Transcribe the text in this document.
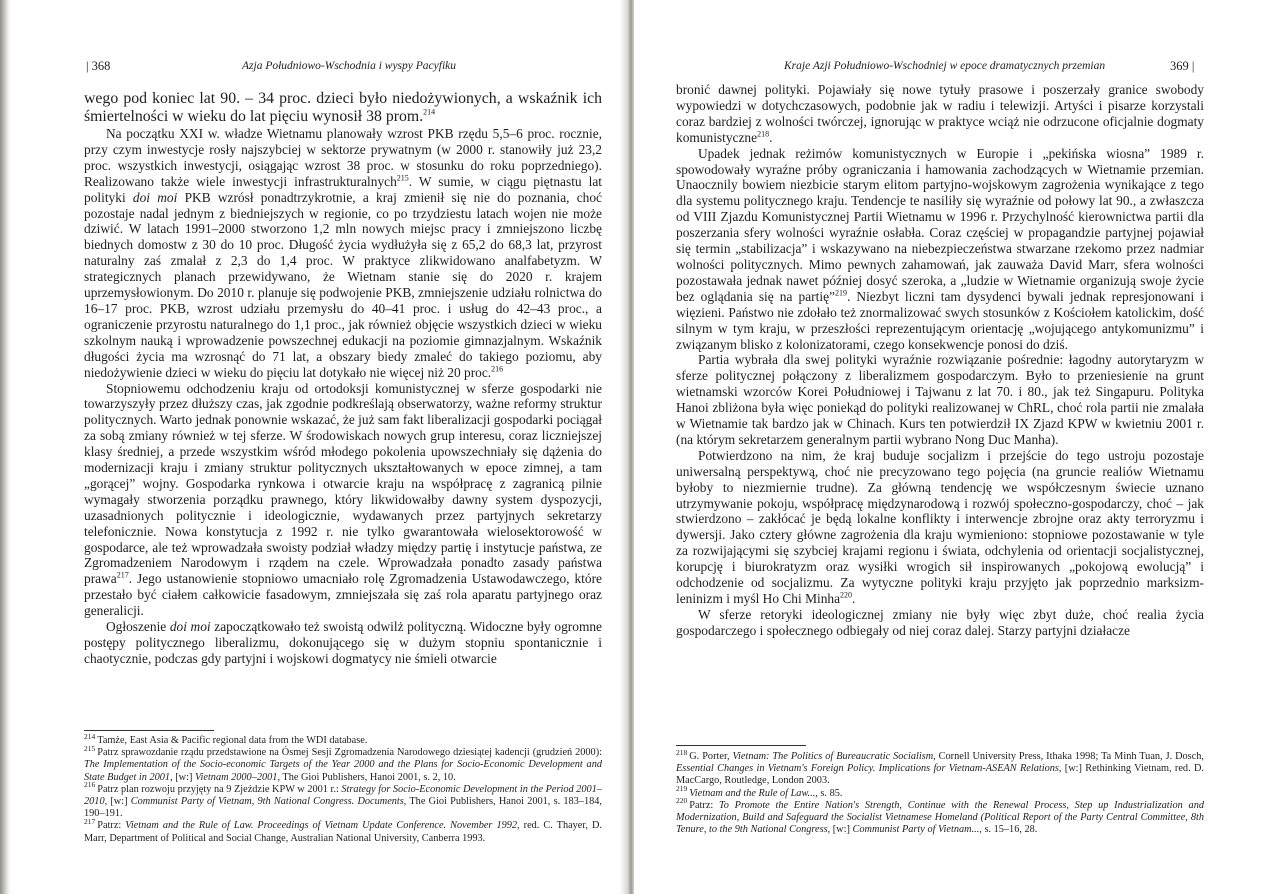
| 368	Azja Południowo-Wschodnia i wyspy Pacyfiku

wego pod koniec lat 90. – 34 proc. dzieci było niedożywionych, a wskaźnik ich śmiertelności w wieku do lat pięciu wynosił 38 prom.$^{214}$

Na początku XXI w. władze Wietnamu planowały wzrost PKB rzędu 5,5–6 proc. rocznie, przy czym inwestycje rosły najszybciej w sektorze prywatnym (w 2000 r. stanowiły już 23,2 proc. wszystkich inwestycji, osiągając wzrost 38 proc. w stosunku do roku poprzedniego). Realizowano także wiele inwestycji infrastrukturalnych$^{215}$. W sumie, w ciągu piętnastu lat polityki doi moi PKB wzrósł ponadtrzykrotnie, a kraj zmienił się nie do poznania, choć pozostaje nadal jednym z biedniejszych w regionie, co po trzydziestu latach wojen nie może dziwić. W latach 1991–2000 stworzono 1,2 mln nowych miejsc pracy i zmniejszono liczbę biednych domostw z 30 do 10 proc. Długość życia wydłużyła się z 65,2 do 68,3 lat, przyrost naturalny zaś zmalał z 2,3 do 1,4 proc. W praktyce zlikwidowano analfabetyzm. W strategicznych planach przewidywano, że Wietnam stanie się do 2020 r. krajem uprzemysłowionym. Do 2010 r. planuje się podwojenie PKB, zmniejszenie udziału rolnictwa do 16–17 proc. PKB, wzrost udziału przemysłu do 40–41 proc. i usług do 42–43 proc., a ograniczenie przyrostu naturalnego do 1,1 proc., jak również objęcie wszystkich dzieci w wieku szkolnym nauką i wprowadzenie powszechnej edukacji na poziomie gimnazjalnym. Wskaźnik długości życia ma wzrosnąć do 71 lat, a obszary biedy zmaleć do takiego poziomu, aby niedożywienie dzieci w wieku do pięciu lat dotykało nie więcej niż 20 proc.$^{216}$

Stopniowemu odchodzeniu kraju od ortodoksji komunistycznej w sferze gospodarki nie towarzyszyły przez dłuższy czas, jak zgodnie podkreślają obserwatorzy, ważne reformy struktur politycznych. Warto jednak ponownie wskazać, że już sam fakt liberalizacji gospodarki pociągał za sobą zmiany również w tej sferze. W środowiskach nowych grup interesu, coraz liczniejszej klasy średniej, a przede wszystkim wśród młodego pokolenia upowszechniały się dążenia do modernizacji kraju i zmiany struktur politycznych ukształtowanych w epoce zimnej, a tam „gorącej” wojny. Gospodarka rynkowa i otwarcie kraju na współpracę z zagranicą pilnie wymagały stworzenia porządku prawnego, który likwidowałby dawny system dyspozycji, uzasadnionych politycznie i ideologicznie, wydawanych przez partyjnych sekretarzy telefonicznie. Nowa konstytucja z 1992 r. nie tylko gwarantowała wielosektorowość w gospodarce, ale też wprowadzała swoisty podział władzy między partię i instytucje państwa, ze Zgromadzeniem Narodowym i rządem na czele. Wprowadzała ponadto zasady państwa prawa$^{217}$. Jego ustanowienie stopniowo umacniało rolę Zgromadzenia Ustawodawczego, które przestało być ciałem całkowicie fasadowym, zmniejszała się zaś rola aparatu partyjnego oraz generalicji.

Ogłoszenie doi moi zapoczątkowało też swoistą odwilż polityczną. Widoczne były ogromne postępy politycznego liberalizmu, dokonującego się w dużym stopniu spontanicznie i chaotycznie, podczas gdy partyjni i wojskowi dogmatycy nie śmieli otwarcie

$^{214}$ Tamże, East Asia & Pacific regional data from the WDI database.

$^{215}$ Patrz sprawozdanie rządu przedstawione na Ósmej Sesji Zgromadzenia Narodowego dziesiątej kadencji (grudzień 2000): The Implementation of the Socio-economic Targets of the Year 2000 and the Plans for Socio-Economic Development and State Budget in 2001, [w:] Vietnam 2000–2001, The Gioi Publishers, Hanoi 2001, s. 2, 10.

$^{216}$ Patrz plan rozwoju przyjęty na 9 Zjeździe KPW w 2001 r.: Strategy for Socio-Economic Development in the Period 2001–2010, [w:] Communist Party of Vietnam, 9th National Congress. Documents, The Gioi Publishers, Hanoi 2001, s. 183–184, 190–191.

$^{217}$ Patrz: Vietnam and the Rule of Law. Proceedings of Vietnam Update Conference. November 1992, red. C. Thayer, D. Marr, Department of Political and Social Change, Australian National University, Canberra 1993.

Kraje Azji Południowo-Wschodniej w epoce dramatycznych przemian	369 |

bronić dawnej polityki. Pojawiały się nowe tytuły prasowe i poszerzały granice swobody wypowiedzi w dotychczasowych, podobnie jak w radiu i telewizji. Artyści i pisarze korzystali coraz bardziej z wolności twórczej, ignorując w praktyce wciąż nie odrzucone oficjalnie dogmaty komunistyczne$^{218}$.

Upadek jednak reżimów komunistycznych w Europie i „pekińska wiosna” 1989 r. spowodowały wyraźne próby ograniczania i hamowania zachodzących w Wietnamie przemian. Unaocznily bowiem niezbicie starym elitom partyjno-wojskowym zagrożenia wynikające z tego dla systemu politycznego kraju. Tendencje te nasiliły się wyraźnie od połowy lat 90., a zwłaszcza od VIII Zjazdu Komunistycznej Partii Wietnamu w 1996 r. Przychylność kierownictwa partii dla poszerzania sfery wolności wyraźnie osłabła. Coraz częściej w propagandzie partyjnej pojawiał się termin „stabilizacja” i wskazywano na niebezpieczeństwa stwarzane rzekomo przez nadmiar wolności politycznych. Mimo pewnych zahamowań, jak zauważa David Marr, sfera wolności pozostawała jednak nawet później dosyć szeroka, a „ludzie w Wietnamie organizują swoje życie bez oglądania się na partię”$^{219}$. Niezbyt liczni tam dysydenci bywali jednak represjonowani i więzieni. Państwo nie zdołało też znormalizować swych stosunków z Kościołem katolickim, dość silnym w tym kraju, w przeszłości reprezentującym orientację „wojującego antykomunizmu” i związanym blisko z kolonizatorami, czego konsekwencje ponosi do dziś.

Partia wybrała dla swej polityki wyraźnie rozwiązanie pośrednie: łagodny autorytaryzm w sferze politycznej połączony z liberalizmem gospodarczym. Było to przeniesienie na grunt wietnamski wzorców Korei Południowej i Tajwanu z lat 70. i 80., jak też Singapuru. Polityka Hanoi zbliżona była więc poniekąd do polityki realizowanej w ChRL, choć rola partii nie zmalała w Wietnamie tak bardzo jak w Chinach. Kurs ten potwierdził IX Zjazd KPW w kwietniu 2001 r. (na którym sekretarzem generalnym partii wybrano Nong Duc Manha).

Potwierdzono na nim, że kraj buduje socjalizm i przejście do tego ustroju pozostaje uniwersalną perspektywą, choć nie precyzowano tego pojęcia (na gruncie realiów Wietnamu byłoby to niezmiernie trudne). Za główną tendencję we współczesnym świecie uznano utrzymywanie pokoju, współpracę międzynarodową i rozwój społeczno-gospodarczy, choć – jak stwierdzono – zakłócać je będą lokalne konflikty i interwencje zbrojne oraz akty terroryzmu i dywersji. Jako cztery główne zagrożenia dla kraju wymieniono: stopniowe pozostawanie w tyle za rozwijającymi się szybciej krajami regionu i świata, odchylenia od orientacji socjalistycznej, korupcję i biurokratyzm oraz wysiłki wrogich sił inspirowanych „pokojową ewolucją” i odchodzenie od socjalizmu. Za wytyczne polityki kraju przyjęto jak poprzednio marksizm-leninizm i myśl Ho Chi Minha$^{220}$.

W sferze retoryki ideologicznej zmiany nie były więc zbyt duże, choć realia życia gospodarczego i społecznego odbiegały od niej coraz dalej. Starzy partyjni działacze

$^{218}$ G. Porter, Vietnam: The Politics of Bureaucratic Socialism, Cornell University Press, Ithaka 1998; Ta Minh Tuan, J. Dosch, Essential Changes in Vietnam's Foreign Policy. Implications for Vietnam-ASEAN Relations, [w:] Rethinking Vietnam, red. D. MacCargo, Routledge, London 2003.

$^{219}$ Vietnam and the Rule of Law..., s. 85.

$^{220}$ Patrz: To Promote the Entire Nation's Strength, Continue with the Renewal Process, Step up Industrialization and Modernization, Build and Safeguard the Socialist Vietnamese Homeland (Political Report of the Party Central Committee, 8th Tenure, to the 9th National Congress, [w:] Communist Party of Vietnam..., s. 15–16, 28.
